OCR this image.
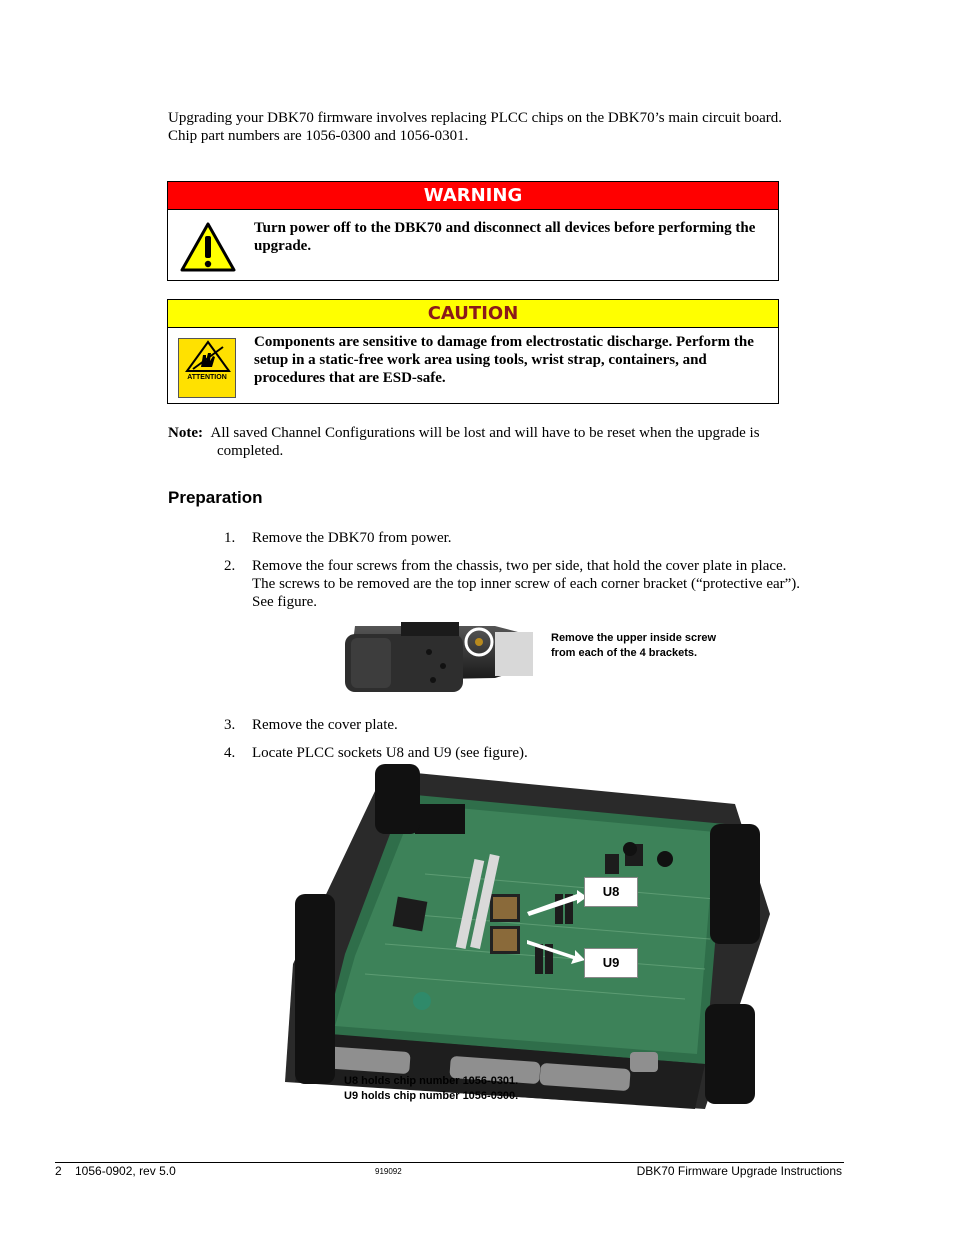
Upgrading your DBK70 firmware involves replacing PLCC chips on the DBK70’s main circuit board.
Chip part numbers are 1056-0300 and 1056-0301.
WARNING
Turn power off to the DBK70 and disconnect all devices before performing the upgrade.
CAUTION
ATTENTION
Components are sensitive to damage from electrostatic discharge. Perform the setup in a static-free work area using tools, wrist strap, containers, and procedures that are ESD-safe.
Note: All saved Channel Configurations will be lost and will have to be reset when the upgrade is
completed.
Preparation
1. Remove the DBK70 from power.
2. Remove the four screws from the chassis, two per side, that hold the cover plate in place.
The screws to be removed are the top inner screw of each corner bracket (“protective ear”).
See figure.
Remove the upper inside screw
from each of the 4 brackets.
3. Remove the cover plate.
4. Locate PLCC sockets U8 and U9 (see figure).
U8
U9
U8 holds chip number 1056-0301.
U9 holds chip number 1056-0300.
2    1056-0902, rev 5.0	919092	DBK70 Firmware Upgrade Instructions
